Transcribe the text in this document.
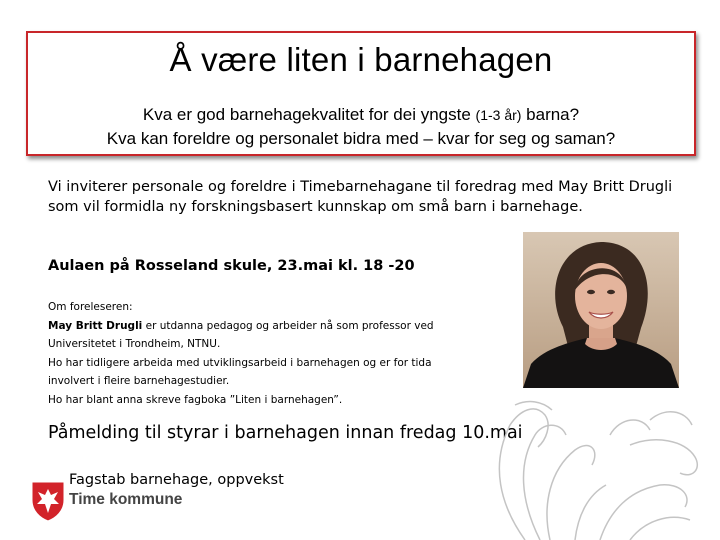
Å være liten i barnehagen
Kva er god barnehagekvalitet for dei yngste (1-3 år) barna?
Kva kan foreldre og personalet bidra med – kvar for seg og saman?
Vi inviterer personale og foreldre i Timebarnehagane til foredrag med May Britt Drugli som vil formidla ny forskningsbasert kunnskap om små barn i barnehage.
Aulaen på Rosseland skule, 23.mai kl. 18 -20
Om foreleseren:
May Britt Drugli er utdanna pedagog og arbeider nå som professor ved
Universitetet i Trondheim, NTNU.
Ho har tidligere arbeida med utviklingsarbeid i barnehagen og er for tida
involvert i fleire barnehagestudier.
Ho har blant anna skreve fagboka ”Liten i barnehagen”.
Påmelding til styrar i barnehagen innan fredag 10.mai
Fagstab barnehage, oppvekst
Time kommune
